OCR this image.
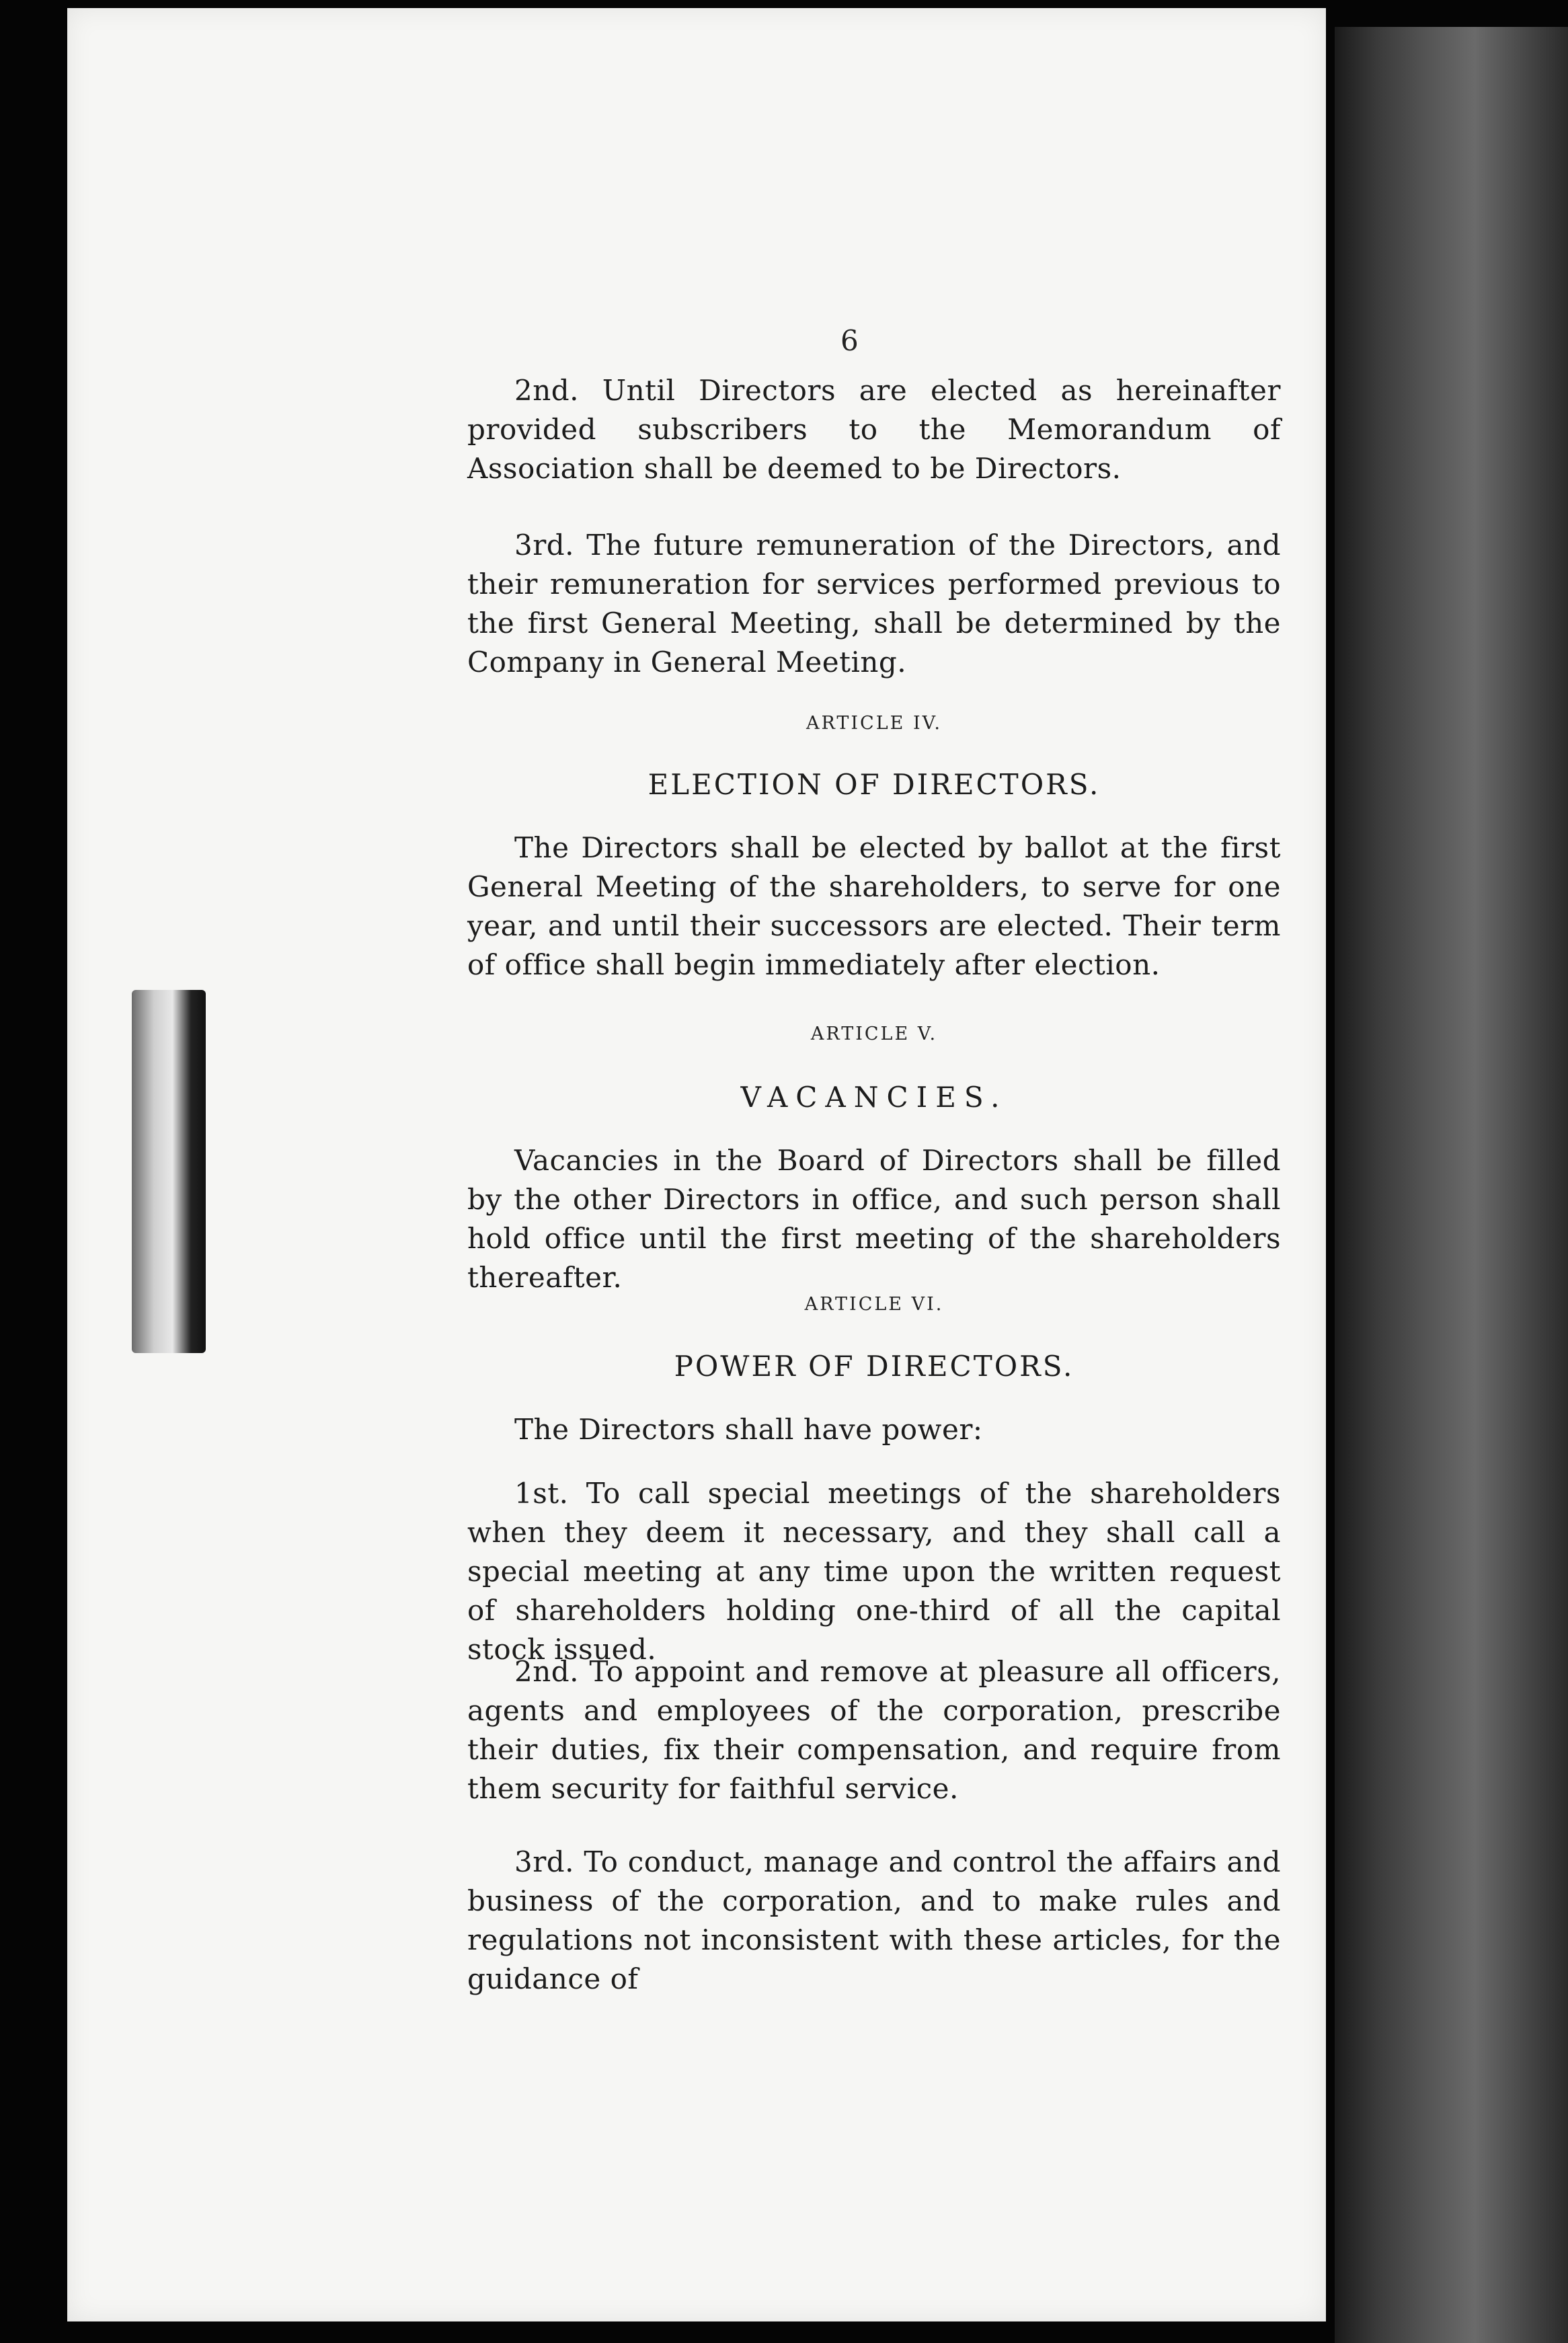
6

2nd. Until Directors are elected as hereinafter provided subscribers to the Memorandum of Association shall be deemed to be Directors.

3rd. The future remuneration of the Directors, and their remuneration for services performed previous to the first General Meeting, shall be determined by the Company in General Meeting.

ARTICLE IV.
ELECTION OF DIRECTORS.

The Directors shall be elected by ballot at the first General Meeting of the shareholders, to serve for one year, and until their successors are elected. Their term of office shall begin immediately after election.

ARTICLE V.
VACANCIES.

Vacancies in the Board of Directors shall be filled by the other Directors in office, and such person shall hold office until the first meeting of the shareholders thereafter.

ARTICLE VI.
POWER OF DIRECTORS.

The Directors shall have power:

1st. To call special meetings of the shareholders when they deem it necessary, and they shall call a special meeting at any time upon the written request of shareholders holding one-third of all the capital stock issued.

2nd. To appoint and remove at pleasure all officers, agents and employees of the corporation, prescribe their duties, fix their compensation, and require from them security for faithful service.

3rd. To conduct, manage and control the affairs and business of the corporation, and to make rules and regulations not inconsistent with these articles, for the guidance of
